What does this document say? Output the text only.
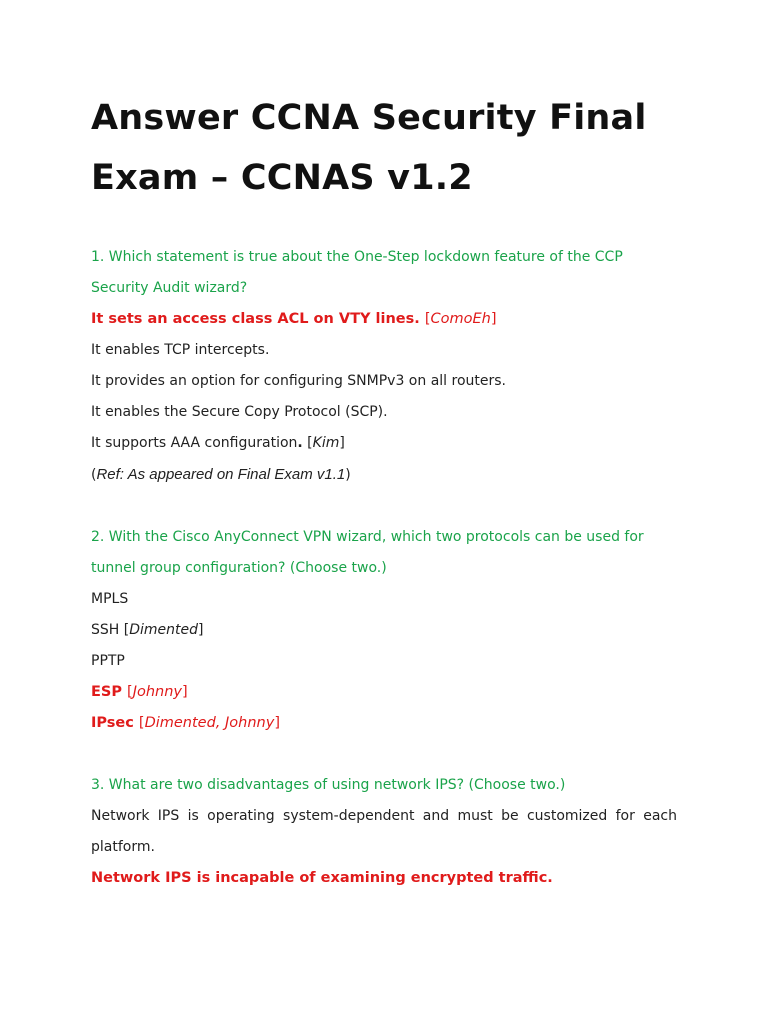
Answer CCNA Security Final Exam – CCNAS v1.2
1. Which statement is true about the One-Step lockdown feature of the CCP Security Audit wizard?
It sets an access class ACL on VTY lines. [ComoEh]
It enables TCP intercepts.
It provides an option for configuring SNMPv3 on all routers.
It enables the Secure Copy Protocol (SCP).
It supports AAA configuration. [Kim]
(Ref: As appeared on Final Exam v1.1)
2. With the Cisco AnyConnect VPN wizard, which two protocols can be used for tunnel group configuration? (Choose two.)
MPLS
SSH [Dimented]
PPTP
ESP [Johnny]
IPsec [Dimented, Johnny]
3. What are two disadvantages of using network IPS? (Choose two.)
Network IPS is operating system-dependent and must be customized for each platform.
Network IPS is incapable of examining encrypted traffic.
